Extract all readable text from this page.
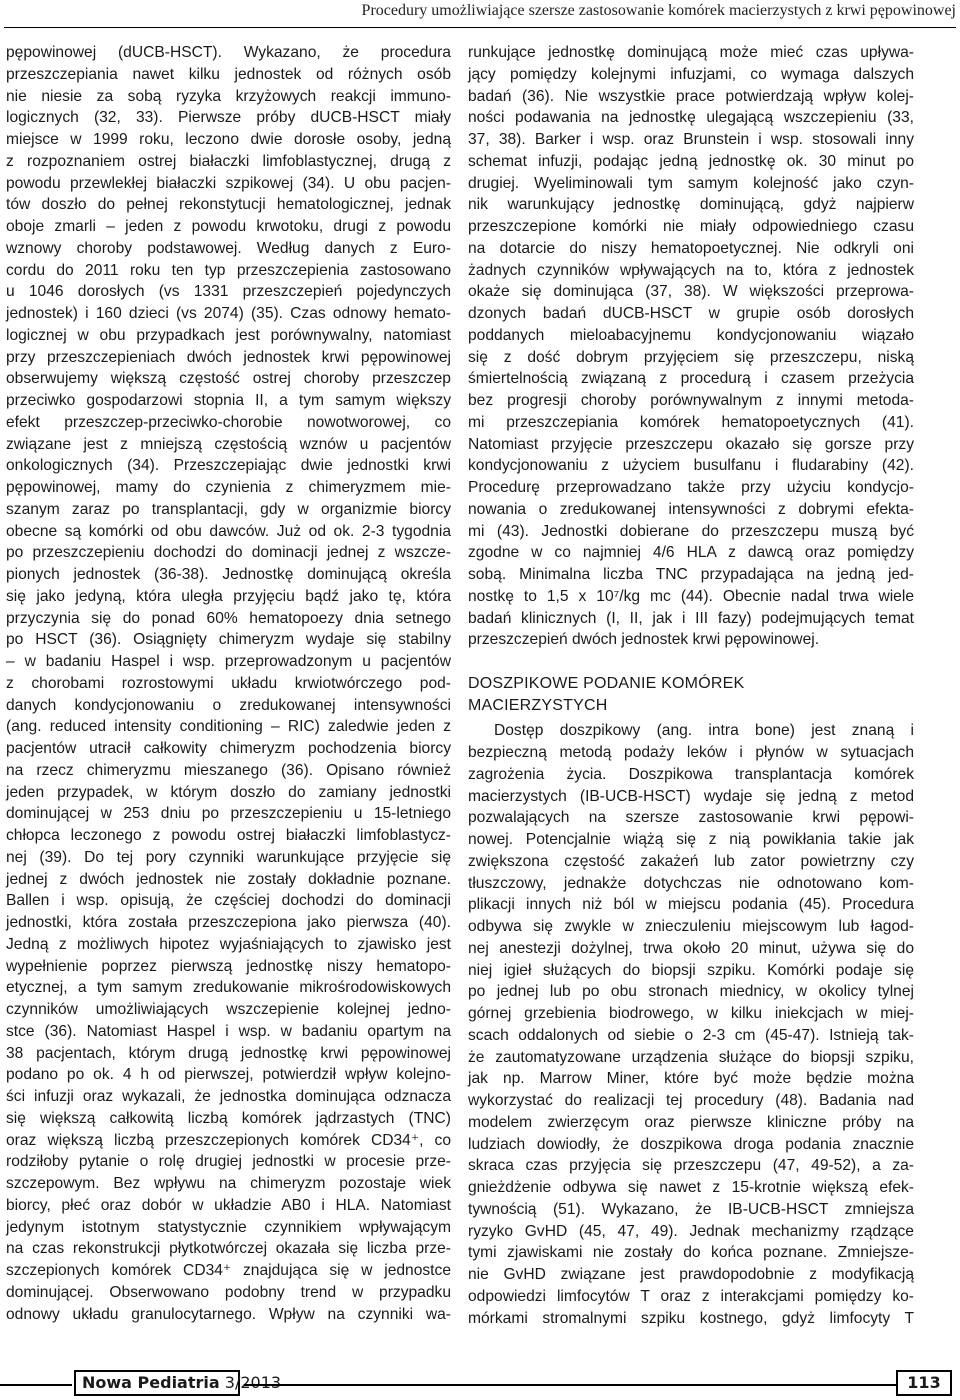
Procedury umożliwiające szersze zastosowanie komórek macierzystych z krwi pępowinowej
pępowinowej (dUCB-HSCT). Wykazano, że procedura
przeszczepiania nawet kilku jednostek od różnych osób
nie niesie za sobą ryzyka krzyżowych reakcji immuno-
logicznych (32, 33). Pierwsze próby dUCB-HSCT miały
miejsce w 1999 roku, leczono dwie dorosłe osoby, jedną
z rozpoznaniem ostrej białaczki limfoblastycznej, drugą z
powodu przewlekłej białaczki szpikowej (34). U obu pacjen-
tów doszło do pełnej rekonstytucji hematologicznej, jednak
oboje zmarli – jeden z powodu krwotoku, drugi z powodu
wznowy choroby podstawowej. Według danych z Euro-
cordu do 2011 roku ten typ przeszczepienia zastosowano
u 1046 dorosłych (vs 1331 przeszczepień pojedynczych
jednostek) i 160 dzieci (vs 2074) (35). Czas odnowy hemato-
logicznej w obu przypadkach jest porównywalny, natomiast
przy przeszczepieniach dwóch jednostek krwi pępowinowej
obserwujemy większą częstość ostrej choroby przeszczep
przeciwko gospodarzowi stopnia II, a tym samym większy
efekt przeszczep-przeciwko-chorobie nowotworowej, co
związane jest z mniejszą częstością wznów u pacjentów
onkologicznych (34). Przeszczepiając dwie jednostki krwi
pępowinowej, mamy do czynienia z chimeryzmem mie-
szanym zaraz po transplantacji, gdy w organizmie biorcy
obecne są komórki od obu dawców. Już od ok. 2-3 tygodnia
po przeszczepieniu dochodzi do dominacji jednej z wszcze-
pionych jednostek (36-38). Jednostkę dominującą określa
się jako jedyną, która uległa przyjęciu bądź jako tę, która
przyczynia się do ponad 60% hematopoezy dnia setnego
po HSCT (36). Osiągnięty chimeryzm wydaje się stabilny
– w badaniu Haspel i wsp. przeprowadzonym u pacjentów
z chorobami rozrostowymi układu krwiotwórczego pod-
danych kondycjonowaniu o zredukowanej intensywności
(ang. reduced intensity conditioning – RIC) zaledwie jeden z
pacjentów utracił całkowity chimeryzm pochodzenia biorcy
na rzecz chimeryzmu mieszanego (36). Opisano również
jeden przypadek, w którym doszło do zamiany jednostki
dominującej w 253 dniu po przeszczepieniu u 15-letniego
chłopca leczonego z powodu ostrej białaczki limfoblastycz-
nej (39). Do tej pory czynniki warunkujące przyjęcie się
jednej z dwóch jednostek nie zostały dokładnie poznane.
Ballen i wsp. opisują, że częściej dochodzi do dominacji
jednostki, która została przeszczepiona jako pierwsza (40).
Jedną z możliwych hipotez wyjaśniających to zjawisko jest
wypełnienie poprzez pierwszą jednostkę niszy hematopo-
etycznej, a tym samym zredukowanie mikrośrodowiskowych
czynników umożliwiających wszczepienie kolejnej jedno-
stce (36). Natomiast Haspel i wsp. w badaniu opartym na
38 pacjentach, którym drugą jednostkę krwi pępowinowej
podano po ok. 4 h od pierwszej, potwierdził wpływ kolejno-
ści infuzji oraz wykazali, że jednostka dominująca odznacza
się większą całkowitą liczbą komórek jądrzastych (TNC)
oraz większą liczbą przeszczepionych komórek CD34⁺, co
rodziłoby pytanie o rolę drugiej jednostki w procesie prze-
szczepowym. Bez wpływu na chimeryzm pozostaje wiek
biorcy, płeć oraz dobór w układzie AB0 i HLA. Natomiast
jedynym istotnym statystycznie czynnikiem wpływającym
na czas rekonstrukcji płytkotwórczej okazała się liczba prze-
szczepionych komórek CD34⁺ znajdująca się w jednostce
dominującej. Obserwowano podobny trend w przypadku
odnowy układu granulocytarnego. Wpływ na czynniki wa-
runkujące jednostkę dominującą może mieć czas upływa-
jący pomiędzy kolejnymi infuzjami, co wymaga dalszych
badań (36). Nie wszystkie prace potwierdzają wpływ kolej-
ności podawania na jednostkę ulegającą wszczepieniu (33,
37, 38). Barker i wsp. oraz Brunstein i wsp. stosowali inny
schemat infuzji, podając jedną jednostkę ok. 30 minut po
drugiej. Wyeliminowali tym samym kolejność jako czyn-
nik warunkujący jednostkę dominującą, gdyż najpierw
przeszczepione komórki nie miały odpowiedniego czasu
na dotarcie do niszy hematopoetycznej. Nie odkryli oni
żadnych czynników wpływających na to, która z jednostek
okaże się dominująca (37, 38). W większości przeprowa-
dzonych badań dUCB-HSCT w grupie osób dorosłych
poddanych mieloabacyjnemu kondycjonowaniu wiązało
się z dość dobrym przyjęciem się przeszczepu, niską
śmiertelnością związaną z procedurą i czasem przeżycia
bez progresji choroby porównywalnym z innymi metoda-
mi przeszczepiania komórek hematopoetycznych (41).
Natomiast przyjęcie przeszczepu okazało się gorsze przy
kondycjonowaniu z użyciem busulfanu i fludarabiny (42).
Procedurę przeprowadzano także przy użyciu kondycjo-
nowania o zredukowanej intensywności z dobrymi efekta-
mi (43). Jednostki dobierane do przeszczepu muszą być
zgodne w co najmniej 4/6 HLA z dawcą oraz pomiędzy
sobą. Minimalna liczba TNC przypadająca na jedną jed-
nostkę to 1,5 x 10⁷/kg mc (44). Obecnie nadal trwa wiele
badań klinicznych (I, II, jak i III fazy) podejmujących temat
przeszczepień dwóch jednostek krwi pępowinowej.
DOSZPIKOWE PODANIE KOMÓREK
MACIERZYSTYCH
Dostęp doszpikowy (ang. intra bone) jest znaną i
bezpieczną metodą podaży leków i płynów w sytuacjach
zagrożenia życia. Doszpikowa transplantacja komórek
macierzystych (IB-UCB-HSCT) wydaje się jedną z metod
pozwalających na szersze zastosowanie krwi pępowi-
nowej. Potencjalnie wiążą się z nią powikłania takie jak
zwiększona częstość zakażeń lub zator powietrzny czy
tłuszczowy, jednakże dotychczas nie odnotowano kom-
plikacji innych niż ból w miejscu podania (45). Procedura
odbywa się zwykle w znieczuleniu miejscowym lub łagod-
nej anestezji dożylnej, trwa około 20 minut, używa się do
niej igieł służących do biopsji szpiku. Komórki podaje się
po jednej lub po obu stronach miednicy, w okolicy tylnej
górnej grzebienia biodrowego, w kilku iniekcjach w miej-
scach oddalonych od siebie o 2-3 cm (45-47). Istnieją tak-
że zautomatyzowane urządzenia służące do biopsji szpiku,
jak np. Marrow Miner, które być może będzie można
wykorzystać do realizacji tej procedury (48). Badania nad
modelem zwierzęcym oraz pierwsze kliniczne próby na
ludziach dowiodły, że doszpikowa droga podania znacznie
skraca czas przyjęcia się przeszczepu (47, 49-52), a za-
gnieżdżenie odbywa się nawet z 15-krotnie większą efek-
tywnością (51). Wykazano, że IB-UCB-HSCT zmniejsza
ryzyko GvHD (45, 47, 49). Jednak mechanizmy rządzące
tymi zjawiskami nie zostały do końca poznane. Zmniejsze-
nie GvHD związane jest prawdopodobnie z modyfikacją
odpowiedzi limfocytów T oraz z interakcjami pomiędzy ko-
mórkami stromalnymi szpiku kostnego, gdyż limfocyty T
Nowa Pediatria 3/2013	113
